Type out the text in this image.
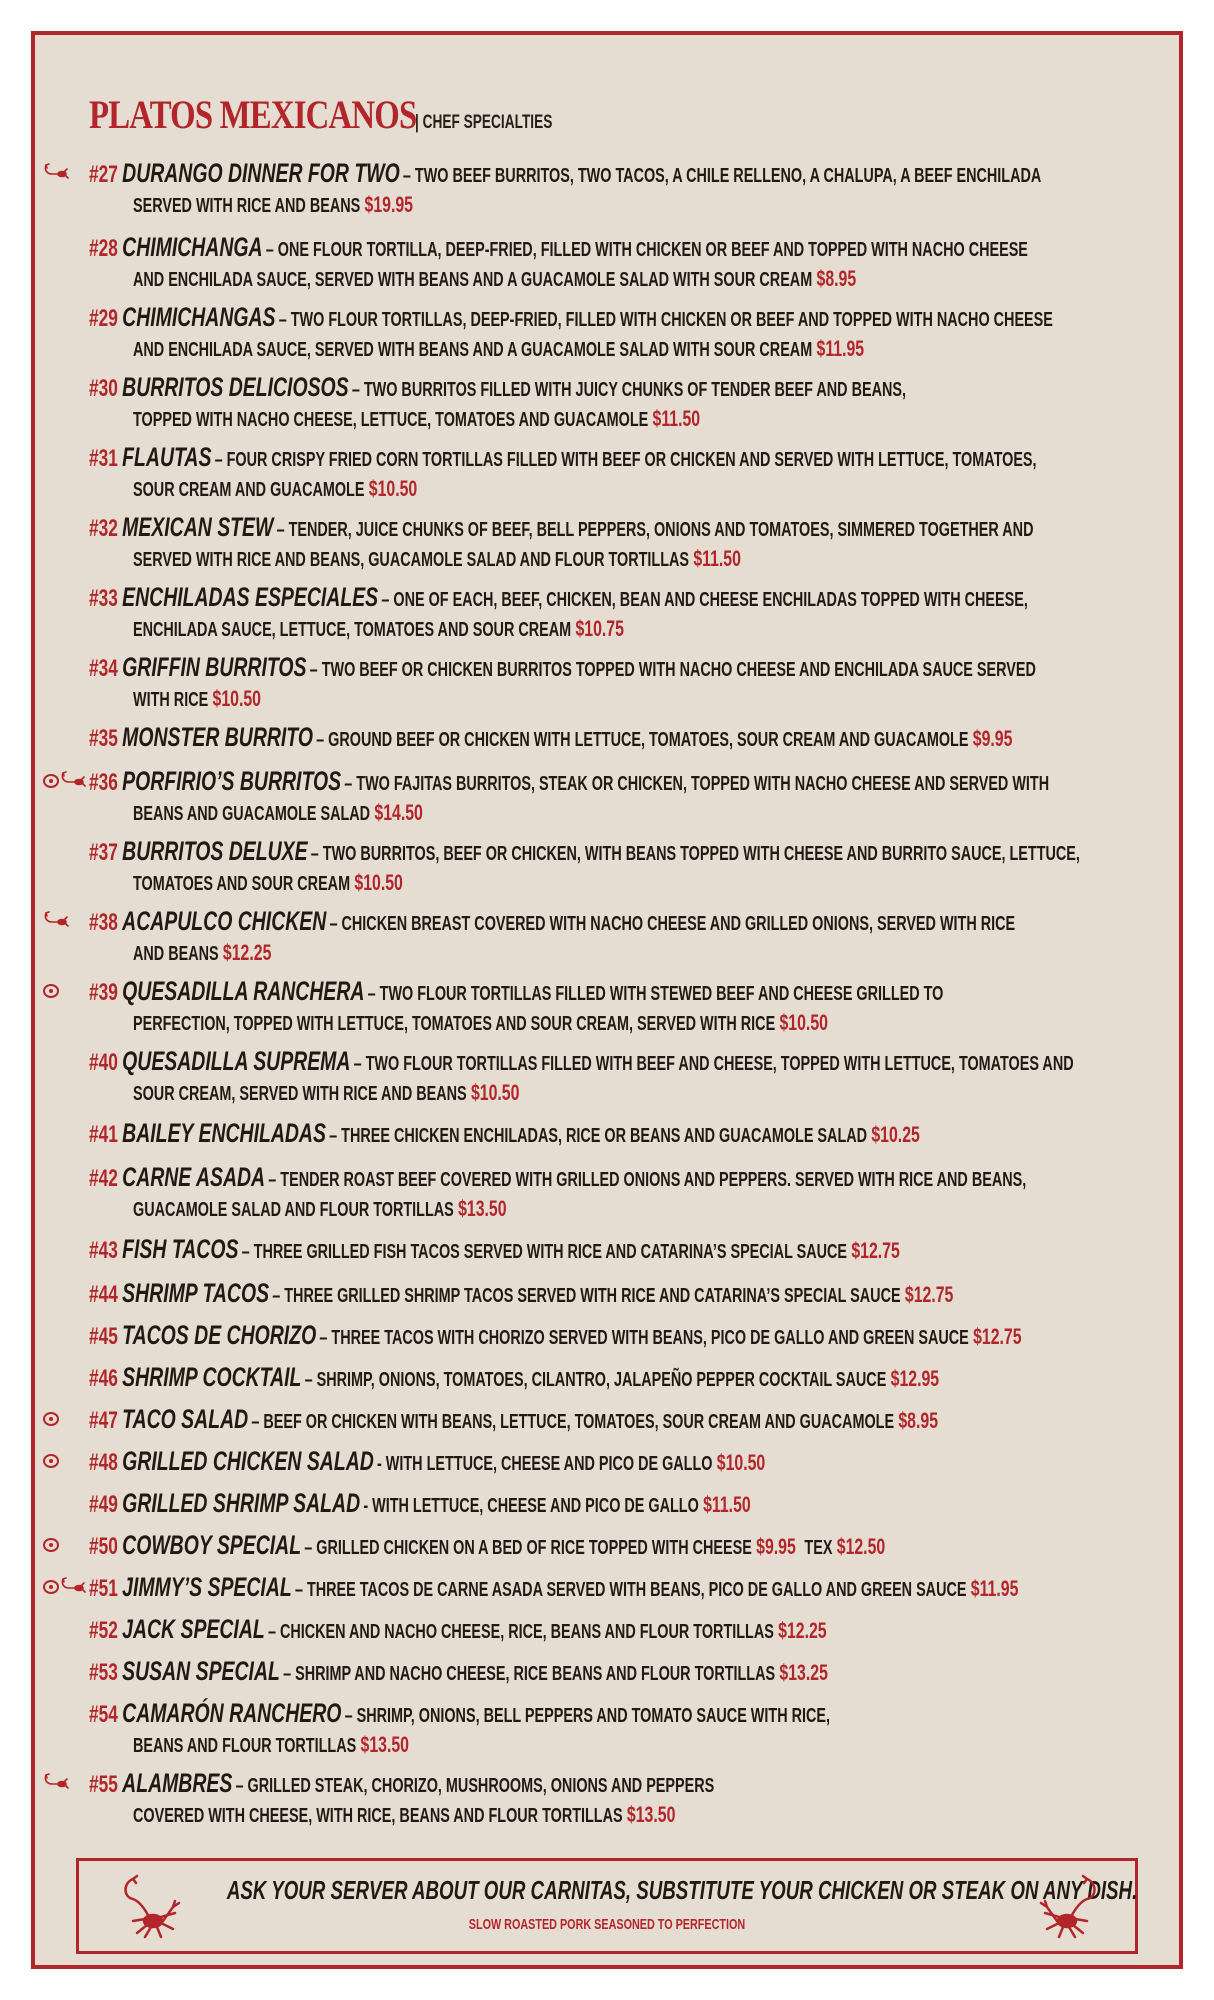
PLATOS MEXICANOS | CHEF SPECIALTIES
#27 DURANGO DINNER FOR TWO – TWO BEEF BURRITOS, TWO TACOS, A CHILE RELLENO, A CHALUPA, A BEEF ENCHILADA
SERVED WITH RICE AND BEANS $19.95
#28 CHIMICHANGA – ONE FLOUR TORTILLA, DEEP-FRIED, FILLED WITH CHICKEN OR BEEF AND TOPPED WITH NACHO CHEESE
AND ENCHILADA SAUCE, SERVED WITH BEANS AND A GUACAMOLE SALAD WITH SOUR CREAM $8.95
#29 CHIMICHANGAS – TWO FLOUR TORTILLAS, DEEP-FRIED, FILLED WITH CHICKEN OR BEEF AND TOPPED WITH NACHO CHEESE
AND ENCHILADA SAUCE, SERVED WITH BEANS AND A GUACAMOLE SALAD WITH SOUR CREAM $11.95
#30 BURRITOS DELICIOSOS – TWO BURRITOS FILLED WITH JUICY CHUNKS OF TENDER BEEF AND BEANS,
TOPPED WITH NACHO CHEESE, LETTUCE, TOMATOES AND GUACAMOLE $11.50
#31 FLAUTAS – FOUR CRISPY FRIED CORN TORTILLAS FILLED WITH BEEF OR CHICKEN AND SERVED WITH LETTUCE, TOMATOES,
SOUR CREAM AND GUACAMOLE $10.50
#32 MEXICAN STEW – TENDER, JUICE CHUNKS OF BEEF, BELL PEPPERS, ONIONS AND TOMATOES, SIMMERED TOGETHER AND
SERVED WITH RICE AND BEANS, GUACAMOLE SALAD AND FLOUR TORTILLAS $11.50
#33 ENCHILADAS ESPECIALES – ONE OF EACH, BEEF, CHICKEN, BEAN AND CHEESE ENCHILADAS TOPPED WITH CHEESE,
ENCHILADA SAUCE, LETTUCE, TOMATOES AND SOUR CREAM $10.75
#34 GRIFFIN BURRITOS – TWO BEEF OR CHICKEN BURRITOS TOPPED WITH NACHO CHEESE AND ENCHILADA SAUCE SERVED
WITH RICE $10.50
#35 MONSTER BURRITO – GROUND BEEF OR CHICKEN WITH LETTUCE, TOMATOES, SOUR CREAM AND GUACAMOLE $9.95
#36 PORFIRIO’S BURRITOS – TWO FAJITAS BURRITOS, STEAK OR CHICKEN, TOPPED WITH NACHO CHEESE AND SERVED WITH
BEANS AND GUACAMOLE SALAD $14.50
#37 BURRITOS DELUXE – TWO BURRITOS, BEEF OR CHICKEN, WITH BEANS TOPPED WITH CHEESE AND BURRITO SAUCE, LETTUCE,
TOMATOES AND SOUR CREAM $10.50
#38 ACAPULCO CHICKEN – CHICKEN BREAST COVERED WITH NACHO CHEESE AND GRILLED ONIONS, SERVED WITH RICE
AND BEANS $12.25
#39 QUESADILLA RANCHERA – TWO FLOUR TORTILLAS FILLED WITH STEWED BEEF AND CHEESE GRILLED TO
PERFECTION, TOPPED WITH LETTUCE, TOMATOES AND SOUR CREAM, SERVED WITH RICE $10.50
#40 QUESADILLA SUPREMA – TWO FLOUR TORTILLAS FILLED WITH BEEF AND CHEESE, TOPPED WITH LETTUCE, TOMATOES AND
SOUR CREAM, SERVED WITH RICE AND BEANS $10.50
#41 BAILEY ENCHILADAS – THREE CHICKEN ENCHILADAS, RICE OR BEANS AND GUACAMOLE SALAD $10.25
#42 CARNE ASADA – TENDER ROAST BEEF COVERED WITH GRILLED ONIONS AND PEPPERS. SERVED WITH RICE AND BEANS,
GUACAMOLE SALAD AND FLOUR TORTILLAS $13.50
#43 FISH TACOS – THREE GRILLED FISH TACOS SERVED WITH RICE AND CATARINA’S SPECIAL SAUCE $12.75
#44 SHRIMP TACOS – THREE GRILLED SHRIMP TACOS SERVED WITH RICE AND CATARINA’S SPECIAL SAUCE $12.75
#45 TACOS DE CHORIZO – THREE TACOS WITH CHORIZO SERVED WITH BEANS, PICO DE GALLO AND GREEN SAUCE $12.75
#46 SHRIMP COCKTAIL – SHRIMP, ONIONS, TOMATOES, CILANTRO, JALAPEÑO PEPPER COCKTAIL SAUCE $12.95
#47 TACO SALAD – BEEF OR CHICKEN WITH BEANS, LETTUCE, TOMATOES, SOUR CREAM AND GUACAMOLE $8.95
#48 GRILLED CHICKEN SALAD - WITH LETTUCE, CHEESE AND PICO DE GALLO $10.50
#49 GRILLED SHRIMP SALAD - WITH LETTUCE, CHEESE AND PICO DE GALLO $11.50
#50 COWBOY SPECIAL – GRILLED CHICKEN ON A BED OF RICE TOPPED WITH CHEESE $9.95 TEX $12.50
#51 JIMMY’S SPECIAL – THREE TACOS DE CARNE ASADA SERVED WITH BEANS, PICO DE GALLO AND GREEN SAUCE $11.95
#52 JACK SPECIAL – CHICKEN AND NACHO CHEESE, RICE, BEANS AND FLOUR TORTILLAS $12.25
#53 SUSAN SPECIAL – SHRIMP AND NACHO CHEESE, RICE BEANS AND FLOUR TORTILLAS $13.25
#54 CAMARÓN RANCHERO – SHRIMP, ONIONS, BELL PEPPERS AND TOMATO SAUCE WITH RICE,
BEANS AND FLOUR TORTILLAS $13.50
#55 ALAMBRES – GRILLED STEAK, CHORIZO, MUSHROOMS, ONIONS AND PEPPERS
COVERED WITH CHEESE, WITH RICE, BEANS AND FLOUR TORTILLAS $13.50
ASK YOUR SERVER ABOUT OUR CARNITAS, SUBSTITUTE YOUR CHICKEN OR STEAK ON ANY DISH.
SLOW ROASTED PORK SEASONED TO PERFECTION
